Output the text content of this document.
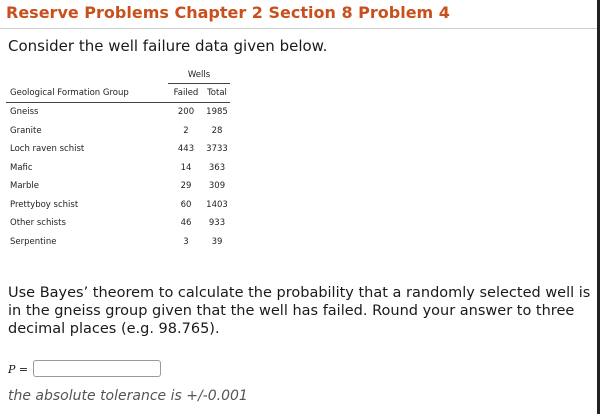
Reserve Problems Chapter 2 Section 8 Problem 4
Consider the well failure data given below.
	Wells	
Geological Formation Group	Failed	Total
Gneiss	200	1985
Granite	2	28
Loch raven schist	443	3733
Mafic	14	363
Marble	29	309
Prettyboy schist	60	1403
Other schists	46	933
Serpentine	3	39
Use Bayes’ theorem to calculate the probability that a randomly selected well is in the gneiss group given that the well has failed. Round your answer to three decimal places (e.g. 98.765).
P =
the absolute tolerance is +/-0.001
